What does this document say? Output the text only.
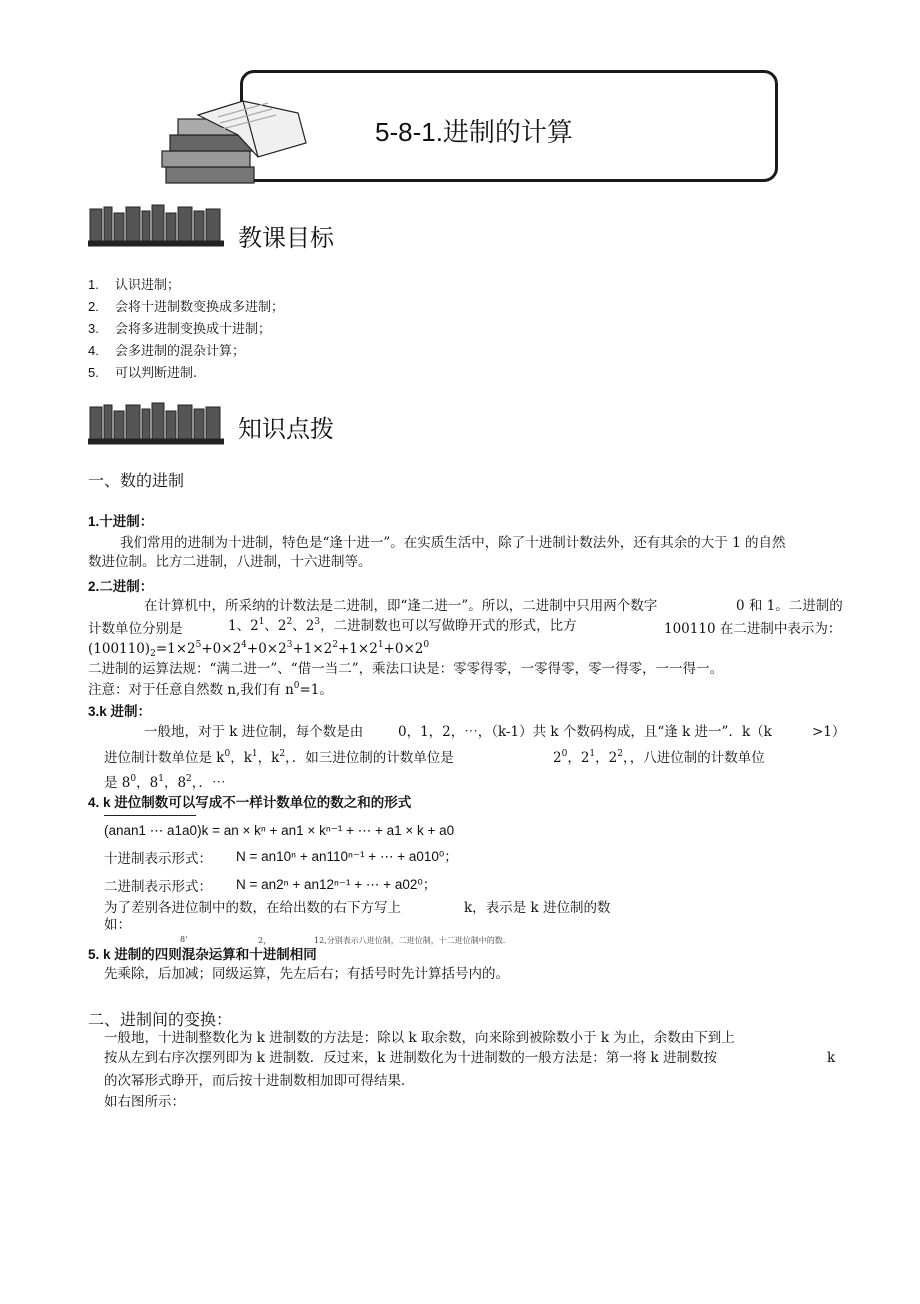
5-8-1.进制的计算
教课目标
1. 认识进制；
2. 会将十进制数变换成多进制；
3. 会将多进制变换成十进制；
4. 会多进制的混杂计算；
5. 可以判断进制.
知识点拨
一、数的进制
1.十进制：
我们常用的进制为十进制，特色是“逢十进一”。在实质生活中，除了十进制计数法外，还有其余的大于 1 的自然
数进位制。比方二进制，八进制，十六进制等。
2.二进制：
在计算机中，所采纳的计数法是二进制，即“逢二进一”。所以，二进制中只用两个数字	0 和 1。二进制的
计数单位分别是	1、$2^1$、$2^2$、$2^3$，二进制数也可以写做睁开式的形式，比方	100110 在二进制中表示为：
$(100110)_2=1\times 2^5+0\times 2^4+0\times 2^3+1\times 2^2+1\times 2^1+0\times 2^0$
二进制的运算法规：“满二进一”、“借一当二”，乘法口诀是：零零得零，一零得零，零一得零，一一得一。
注意：对于任意自然数 n,我们有 $n^0=1$。
3.k 进制：
一般地，对于 k 进位制，每个数是由	0，1，2，⋯，（k-1）共 k 个数码构成，且“逢 k 进一”．k（k	>1）
进位制计数单位是 $k^0$，$k^1$，$k^2$，．如三进位制的计数单位是	$2^0$，$2^1$，$2^2$，，八进位制的计数单位
是 $8^0$，$8^1$，$8^2$，．⋯
4. k 进位制数可以写成不一样计数单位的数之和的形式
(anan1 ⋯ a1a0)k = an × kⁿ + an1 × kⁿ⁻¹ + ⋯ + a1 × k + a0
十进制表示形式： N = an10ⁿ + an110ⁿ⁻¹ + ⋯ + a010⁰；
二进制表示形式： N = an2ⁿ + an12ⁿ⁻¹ + ⋯ + a02⁰；
为了差别各进位制中的数，在给出数的右下方写上	k，表示是 k 进位制的数
如：
8'	2，	12,分别表示八进位制，二进位制，十二进位制中的数.
5. k 进制的四则混杂运算和十进制相同
先乘除，后加减；同级运算，先左后右；有括号时先计算括号内的。
二、进制间的变换：
一般地，十进制整数化为 k 进制数的方法是：除以 k 取余数，向来除到被除数小于 k 为止，余数由下到上
按从左到右序次摆列即为 k 进制数．反过来，k 进制数化为十进制数的一般方法是：第一将 k 进制数按	k
的次幂形式睁开，而后按十进制数相加即可得结果．
如右图所示：
